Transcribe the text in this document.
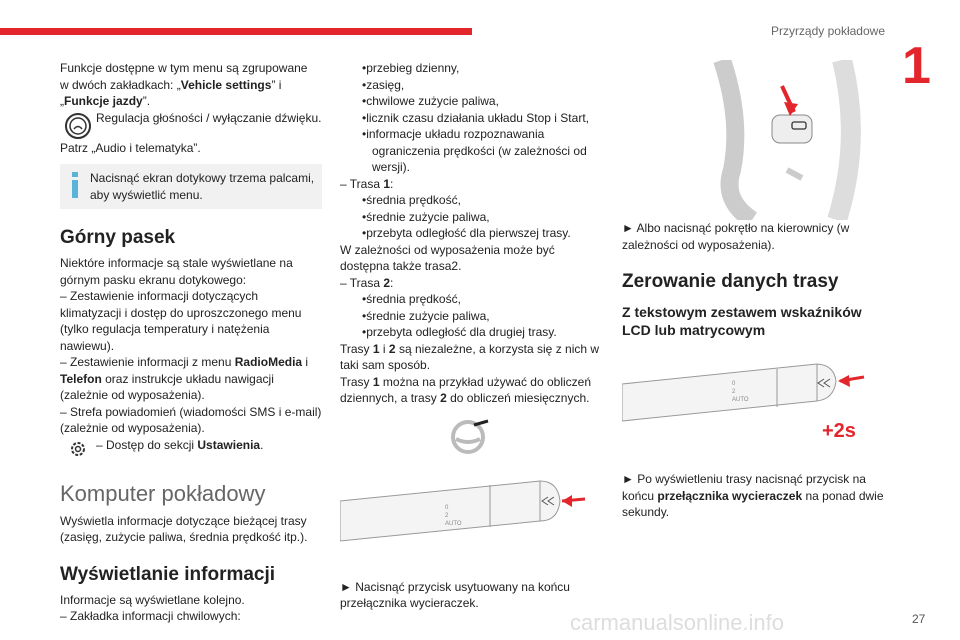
Przyrządy pokładowe
1

Funkcje dostępne w tym menu są zgrupowane
w dwóch zakładkach: „Vehicle settings” i „Funkcje jazdy”.

Regulacja głośności / wyłączanie dźwięku.

Patrz „Audio i telematyka”.

Nacisnąć ekran dotykowy trzema palcami, aby wyświetlić menu.

Górny pasek

Niektóre informacje są stale wyświetlane na górnym pasku ekranu dotykowego:

– Zestawienie informacji dotyczących klimatyzacji i dostęp do uproszczonego menu (tylko regulacja temperatury i natężenia nawiewu).

– Zestawienie informacji z menu RadioMedia i Telefon oraz instrukcje układu nawigacji (zależnie od wyposażenia).

– Strefa powiadomień (wiadomości SMS i e-mail) (zależnie od wyposażenia).

– Dostęp do sekcji Ustawienia.

Komputer pokładowy

Wyświetla informacje dotyczące bieżącej trasy (zasięg, zużycie paliwa, średnia prędkość itp.).

Wyświetlanie informacji

Informacje są wyświetlane kolejno.

– Zakładka informacji chwilowych:

•przebieg dzienny,

•zasięg,

•chwilowe zużycie paliwa,

•licznik czasu działania układu Stop i Start,

•informacje układu rozpoznawania ograniczenia prędkości (w zależności od wersji).

– Trasa 1:

•średnia prędkość,

•średnie zużycie paliwa,

•przebyta odległość dla pierwszej trasy.

W zależności od wyposażenia może być dostępna także trasa2.

– Trasa 2:

•średnia prędkość,

•średnie zużycie paliwa,

•przebyta odległość dla drugiej trasy.

Trasy 1 i 2 są niezależne, a korzysta się z nich w taki sam sposób.

Trasy 1 można na przykład używać do obliczeń dziennych, a trasy 2 do obliczeń miesięcznych.

0
2
AUTO

► Nacisnąć przycisk usytuowany na końcu przełącznika wycieraczek.

► Albo nacisnąć pokrętło na kierownicy (w zależności od wyposażenia).

Zerowanie danych trasy
Z tekstowym zestawem wskaźników LCD lub matrycowym
0
2
AUTO
+2s

► Po wyświetleniu trasy nacisnąć przycisk na końcu przełącznika wycieraczek na ponad dwie sekundy.

carmanualsonline.info	27
